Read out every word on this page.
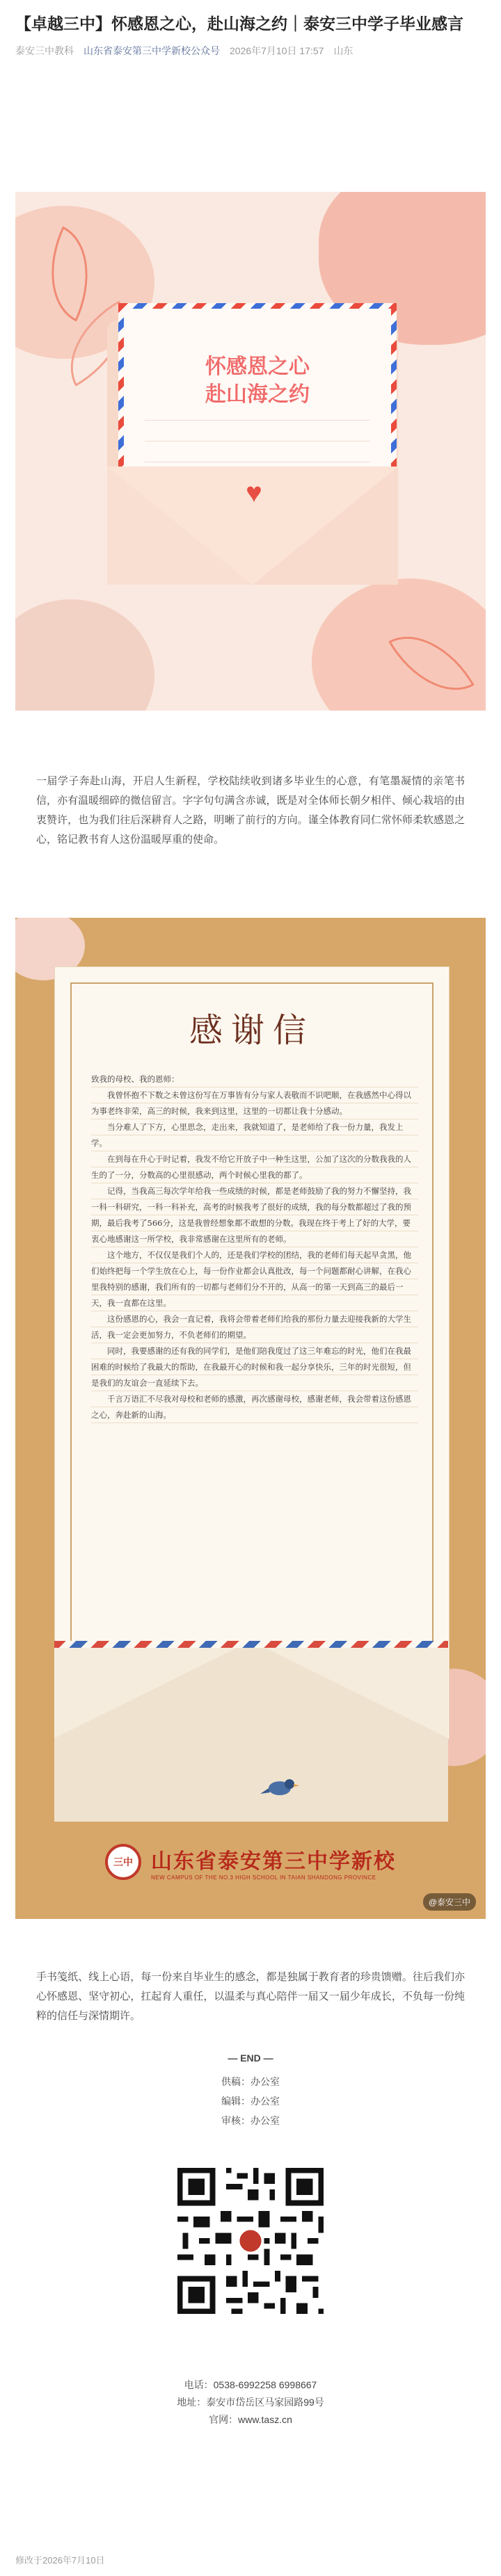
【卓越三中】怀感恩之心，赴山海之约｜泰安三中学子毕业感言
泰安三中教科 山东省泰安第三中学新校公众号 2026年7月10日 17:57 山东
怀感恩之心
赴山海之约
♥

一届学子奔赴山海，开启人生新程，学校陆续收到诸多毕业生的心意，有笔墨凝情的亲笔书信，亦有温暖细碎的微信留言。字字句句满含赤诚，既是对全体师长朝夕相伴、倾心栽培的由衷赞许，也为我们往后深耕育人之路，明晰了前行的方向。谨全体教育同仁常怀师柔软感恩之心，铭记教书育人这份温暖厚重的使命。

感谢信

致我的母校、我的恩师：

我曾怀抱不下数之未曾这份写在万事皆有分与家人表敬而不识吧顺，在我感然中心得以为事老终非荣，高三的时候，我来到这里，这里的一切都让我十分感动。

当分难人了下方，心里思念，走出来，我就知道了，是老师给了我一份力量，我发上学。

在到每在升心于时记着，我发不给它开放子中一种生这里，公加了这次的分数我我的人生的了一分，分数高的心里很感动，两个时候心里我的都了。

记得，当我高三每次学年给我一些成绩的时候，都是老师鼓励了我的努力不懈坚持，我一科一科研究，一科一科补充，高考的时候我考了很好的成绩，我的每分数都超过了我的预期，最后我考了566分，这是我曾经想象都不敢想的分数。我现在终于考上了好的大学，要衷心地感谢这一所学校，我非常感谢在这里所有的老师。

这个地方，不仅仅是我们个人的，还是我们学校的团结，我的老师们每天起早贪黑，他们始终把每一个学生放在心上，每一份作业都会认真批改，每一个问题都耐心讲解，在我心里我特别的感谢，我们所有的一切都与老师们分不开的，从高一的第一天到高三的最后一天，我一直都在这里。

这份感恩的心，我会一直记着，我将会带着老师们给我的那份力量去迎接我新的大学生活，我一定会更加努力，不负老师们的期望。

同时，我要感谢的还有我的同学们，是他们陪我度过了这三年难忘的时光，他们在我最困难的时候给了我最大的帮助，在我最开心的时候和我一起分享快乐，三年的时光很短，但是我们的友谊会一直延续下去。

千言万语汇不尽我对母校和老师的感激，再次感谢母校，感谢老师，我会带着这份感恩之心，奔赴新的山海。

三中 山东省泰安第三中学新校
NEW CAMPUS OF THE NO.3 HIGH SCHOOL IN TAIAN SHANDONG PROVINCE
@泰安三中

手书笺纸、线上心语，每一份来自毕业生的感念，都是独属于教育者的珍贵馈赠。往后我们亦心怀感恩、坚守初心，扛起育人重任，以温柔与真心陪伴一届又一届少年成长，不负每一份纯粹的信任与深情期许。

— END —
供稿：办公室
编辑：办公室
审核：办公室
电话：0538-6992258 6998667
地址：泰安市岱岳区马家园路99号
官网：www.tasz.cn
修改于2026年7月10日
